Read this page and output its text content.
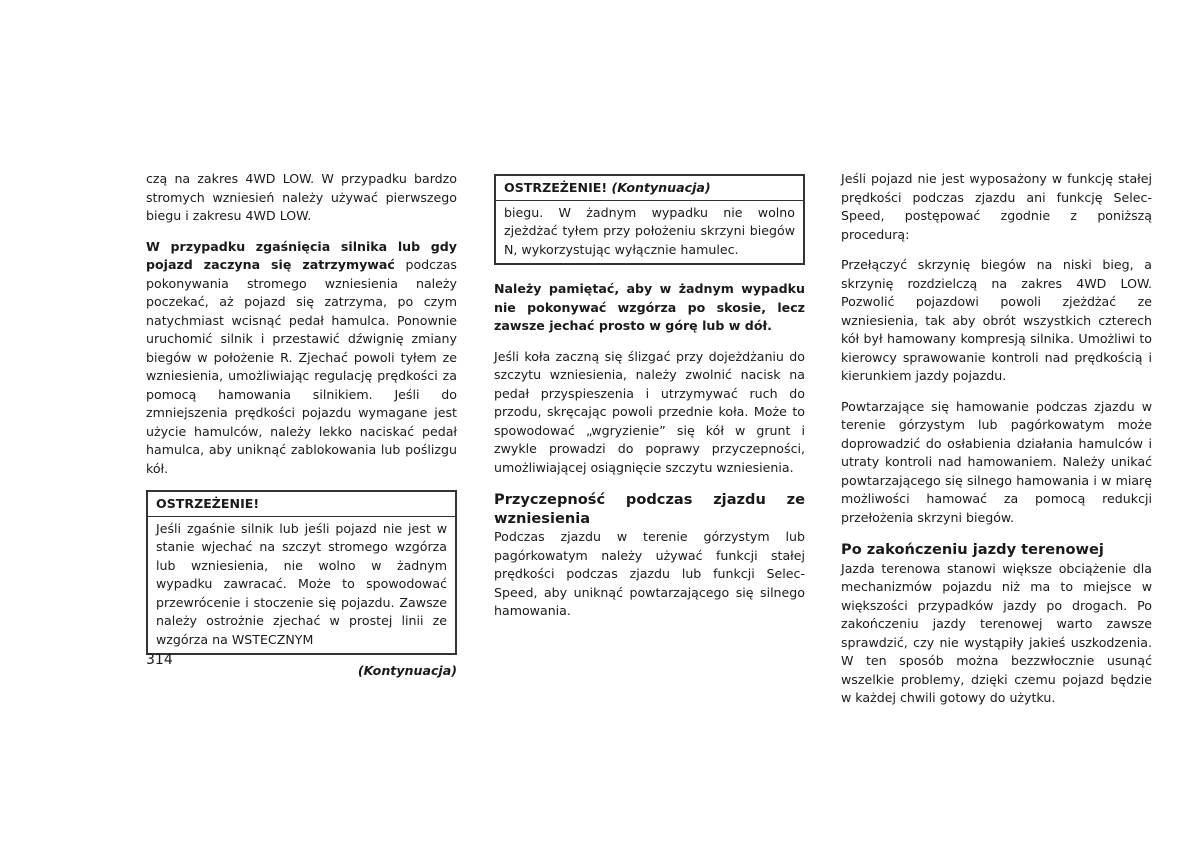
czą na zakres 4WD LOW. W przypadku bardzo stromych wzniesień należy używać pierwszego biegu i zakresu 4WD LOW.

W przypadku zgaśnięcia silnika lub gdy pojazd zaczyna się zatrzymywać podczas pokonywania stromego wzniesienia należy poczekać, aż pojazd się zatrzyma, po czym natychmiast wcisnąć pedał hamulca. Ponownie uruchomić silnik i przestawić dźwignię zmiany biegów w położenie R. Zjechać powoli tyłem ze wzniesienia, umożliwiając regulację prędkości za pomocą hamowania silnikiem. Jeśli do zmniejszenia prędkości pojazdu wymagane jest użycie hamulców, należy lekko naciskać pedał hamulca, aby uniknąć zablokowania lub poślizgu kół.

OSTRZEŻENIE!
Jeśli zgaśnie silnik lub jeśli pojazd nie jest w stanie wjechać na szczyt stromego wzgórza lub wzniesienia, nie wolno w żadnym wypadku zawracać. Może to spowodować przewrócenie i stoczenie się pojazdu. Zawsze należy ostrożnie zjechać w prostej linii ze wzgórza na WSTECZNYM

(Kontynuacja)

OSTRZEŻENIE! (Kontynuacja)
biegu. W żadnym wypadku nie wolno zjeżdżać tyłem przy położeniu skrzyni biegów N, wykorzystując wyłącznie hamulec.

Należy pamiętać, aby w żadnym wypadku nie pokonywać wzgórza po skosie, lecz zawsze jechać prosto w górę lub w dół.

Jeśli koła zaczną się ślizgać przy dojeżdżaniu do szczytu wzniesienia, należy zwolnić nacisk na pedał przyspieszenia i utrzymywać ruch do przodu, skręcając powoli przednie koła. Może to spowodować „wgryzienie” się kół w grunt i zwykle prowadzi do poprawy przyczepności, umożliwiającej osiągnięcie szczytu wzniesienia.

Przyczepność podczas zjazdu ze wzniesienia

Podczas zjazdu w terenie górzystym lub pagórkowatym należy używać funkcji stałej prędkości podczas zjazdu lub funkcji Selec-Speed, aby uniknąć powtarzającego się silnego hamowania.

Jeśli pojazd nie jest wyposażony w funkcję stałej prędkości podczas zjazdu ani funkcję Selec-Speed, postępować zgodnie z poniższą procedurą:

Przełączyć skrzynię biegów na niski bieg, a skrzynię rozdzielczą na zakres 4WD LOW. Pozwolić pojazdowi powoli zjeżdżać ze wzniesienia, tak aby obrót wszystkich czterech kół był hamowany kompresją silnika. Umożliwi to kierowcy sprawowanie kontroli nad prędkością i kierunkiem jazdy pojazdu.

Powtarzające się hamowanie podczas zjazdu w terenie górzystym lub pagórkowatym może doprowadzić do osłabienia działania hamulców i utraty kontroli nad hamowaniem. Należy unikać powtarzającego się silnego hamowania i w miarę możliwości hamować za pomocą redukcji przełożenia skrzyni biegów.

Po zakończeniu jazdy terenowej

Jazda terenowa stanowi większe obciążenie dla mechanizmów pojazdu niż ma to miejsce w większości przypadków jazdy po drogach. Po zakończeniu jazdy terenowej warto zawsze sprawdzić, czy nie wystąpiły jakieś uszkodzenia. W ten sposób można bezzwłocznie usunąć wszelkie problemy, dzięki czemu pojazd będzie w każdej chwili gotowy do użytku.

314
